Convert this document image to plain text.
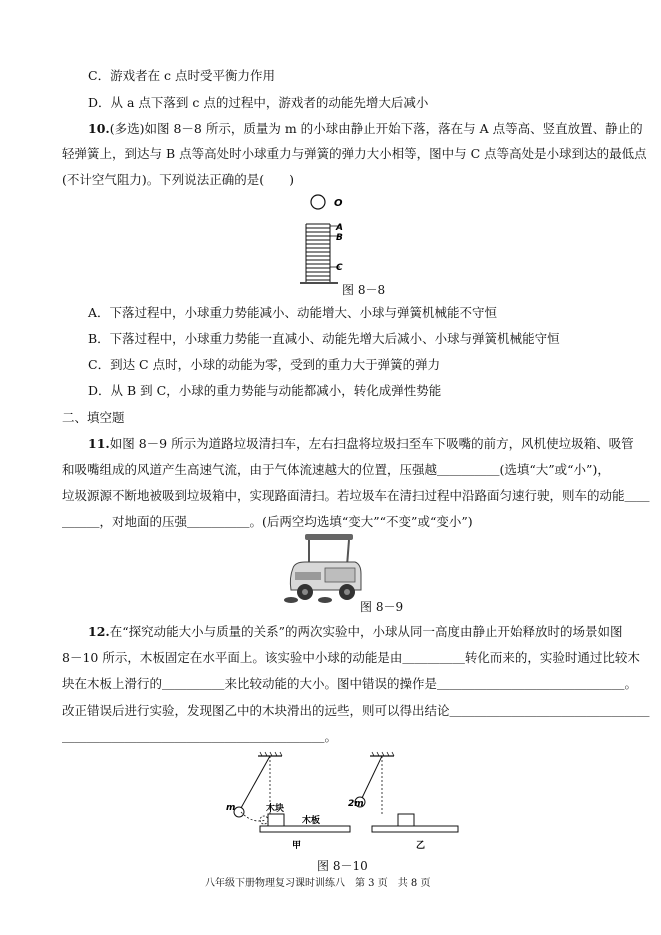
C．游戏者在 c 点时受平衡力作用
D．从 a 点下落到 c 点的过程中，游戏者的动能先增大后减小
10.(多选)如图 8－8 所示，质量为 m 的小球由静止开始下落，落在与 A 点等高、竖直放置、静止的
轻弹簧上，到达与 B 点等高处时小球重力与弹簧的弹力大小相等，图中与 C 点等高处是小球到达的最低点
(不计空气阻力)。下列说法正确的是(　　)
O
A
B
C
图 8－8
A．下落过程中，小球重力势能减小、动能增大、小球与弹簧机械能不守恒
B．下落过程中，小球重力势能一直减小、动能先增大后减小、小球与弹簧机械能守恒
C．到达 C 点时，小球的动能为零，受到的重力大于弹簧的弹力
D．从 B 到 C，小球的重力势能与动能都减小，转化成弹性势能
二、填空题
11.如图 8－9 所示为道路垃圾清扫车，左右扫盘将垃圾扫至车下吸嘴的前方，风机使垃圾箱、吸管
和吸嘴组成的风道产生高速气流，由于气体流速越大的位置，压强越＿＿＿＿＿(选填“大”或“小”)，
垃圾源源不断地被吸到垃圾箱中，实现路面清扫。若垃圾车在清扫过程中沿路面匀速行驶，则车的动能＿＿
＿＿＿，对地面的压强＿＿＿＿＿。(后两空均选填“变大”“不变”或“变小”)
图 8－9
12.在“探究动能大小与质量的关系”的两次实验中，小球从同一高度由静止开始释放时的场景如图
8－10 所示，木板固定在水平面上。该实验中小球的动能是由＿＿＿＿＿转化而来的，实验时通过比较木
块在木板上滑行的＿＿＿＿＿来比较动能的大小。图中错误的操作是＿＿＿＿＿＿＿＿＿＿＿＿＿＿＿。
改正错误后进行实验，发现图乙中的木块滑出的远些，则可以得出结论＿＿＿＿＿＿＿＿＿＿＿＿＿＿＿＿
＿＿＿＿＿＿＿＿＿＿＿＿＿＿＿＿＿＿＿＿＿。
m	木块
木板
甲
2m
乙
图 8－10
八年级下册物理复习课时训练八　第 3 页　共 8 页
